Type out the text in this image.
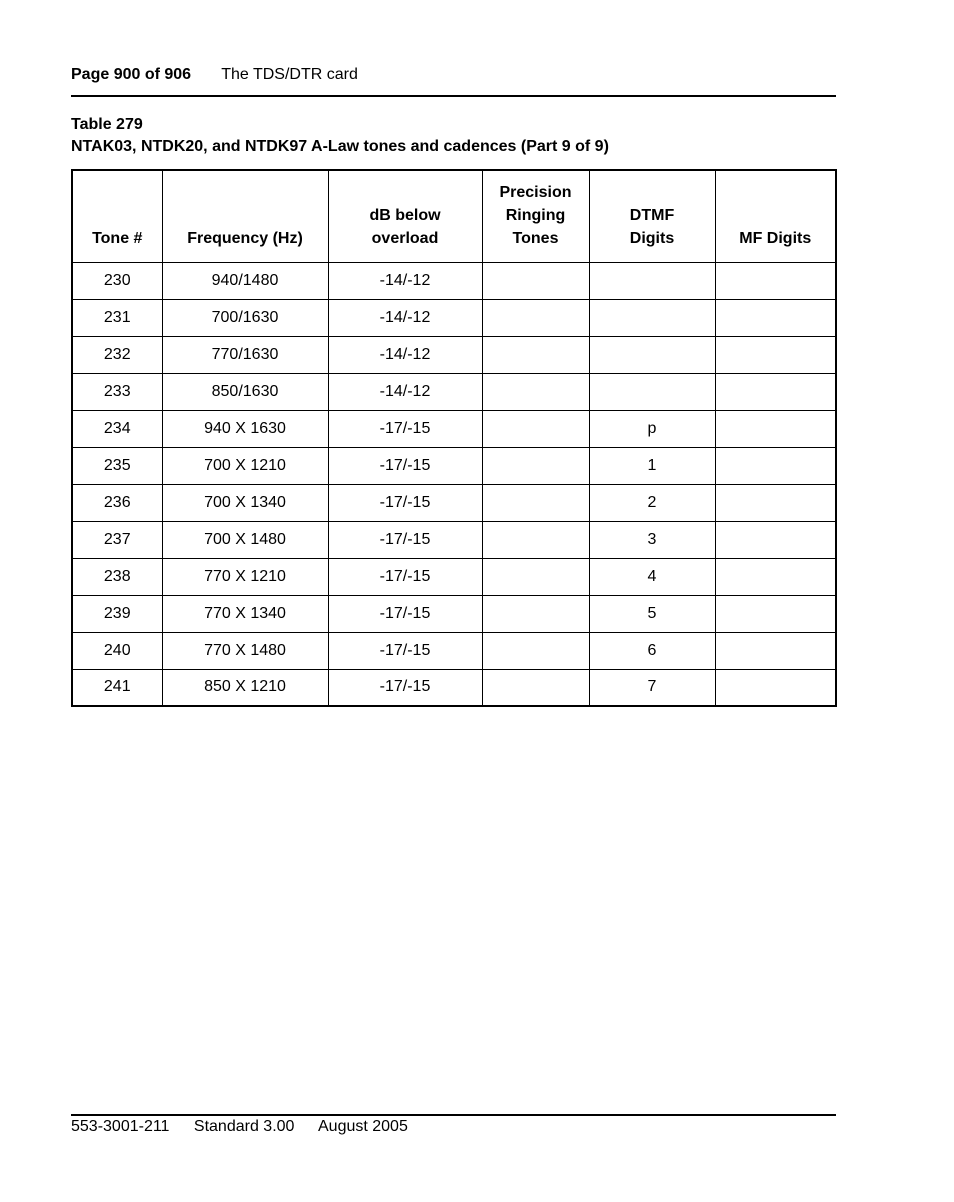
Page 900 of 906 The TDS/DTR card
Table 279
NTAK03, NTDK20, and NTDK97 A-Law tones and cadences (Part 9 of 9)
Tone #	Frequency (Hz)	dB below
overload	Precision
Ringing
Tones	DTMF
Digits	MF Digits
230	940/1480	-14/-12			
231	700/1630	-14/-12			
232	770/1630	-14/-12			
233	850/1630	-14/-12			
234	940 X 1630	-17/-15		p	
235	700 X 1210	-17/-15		1	
236	700 X 1340	-17/-15		2	
237	700 X 1480	-17/-15		3	
238	770 X 1210	-17/-15		4	
239	770 X 1340	-17/-15		5	
240	770 X 1480	-17/-15		6	
241	850 X 1210	-17/-15		7	
553-3001-211 Standard 3.00 August 2005
